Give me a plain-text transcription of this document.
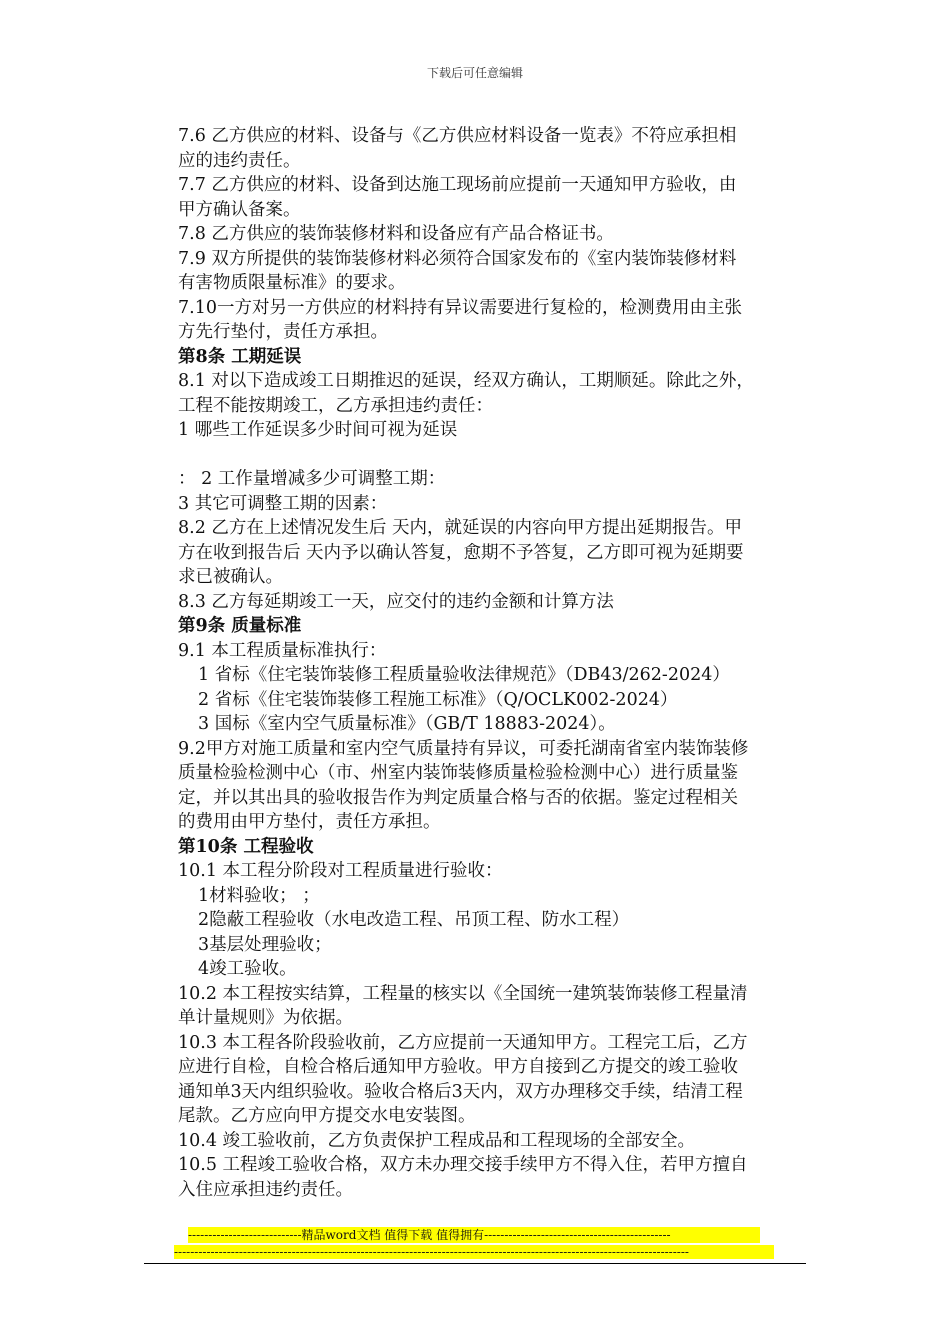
下载后可任意编辑
7.6 乙方供应的材料、设备与《乙方供应材料设备一览表》不符应承担相
应的违约责任。
7.7 乙方供应的材料、设备到达施工现场前应提前一天通知甲方验收，由
甲方确认备案。
7.8 乙方供应的装饰装修材料和设备应有产品合格证书。
7.9 双方所提供的装饰装修材料必须符合国家发布的《室内装饰装修材料
有害物质限量标准》的要求。
7.10一方对另一方供应的材料持有异议需要进行复检的，检测费用由主张
方先行垫付，责任方承担。
第8条 工期延误
8.1 对以下造成竣工日期推迟的延误，经双方确认，工期顺延。除此之外，
工程不能按期竣工，乙方承担违约责任：
1 哪些工作延误多少时间可视为延误
： 2 工作量增减多少可调整工期：
3 其它可调整工期的因素：
8.2 乙方在上述情况发生后 天内，就延误的内容向甲方提出延期报告。甲
方在收到报告后 天内予以确认答复，愈期不予答复，乙方即可视为延期要
求已被确认。
8.3 乙方每延期竣工一天，应交付的违约金额和计算方法
第9条 质量标准
9.1 本工程质量标准执行：
1 省标《住宅装饰装修工程质量验收法律规范》（DB43/262-2024）
2 省标《住宅装饰装修工程施工标准》（Q/OCLK002-2024）
3 国标《室内空气质量标准》（GB/T 18883-2024）。
9.2甲方对施工质量和室内空气质量持有异议，可委托湖南省室内装饰装修
质量检验检测中心（市、州室内装饰装修质量检验检测中心）进行质量鉴
定，并以其出具的验收报告作为判定质量合格与否的依据。鉴定过程相关
的费用由甲方垫付，责任方承担。
第10条 工程验收
10.1 本工程分阶段对工程质量进行验收：
1材料验收； ；
2隐蔽工程验收（水电改造工程、吊顶工程、防水工程）
3基层处理验收；
4竣工验收。
10.2 本工程按实结算，工程量的核实以《全国统一建筑装饰装修工程量清
单计量规则》为依据。
10.3 本工程各阶段验收前，乙方应提前一天通知甲方。工程完工后，乙方
应进行自检，自检合格后通知甲方验收。甲方自接到乙方提交的竣工验收
通知单3天内组织验收。验收合格后3天内，双方办理移交手续，结清工程
尾款。乙方应向甲方提交水电安装图。
10.4 竣工验收前，乙方负责保护工程成品和工程现场的全部安全。
10.5 工程竣工验收合格，双方未办理交接手续甲方不得入住，若甲方擅自
入住应承担违约责任。
----------------------------精品word文档 值得下载 值得拥有----------------------------------------------
-------------------------------------------------------------------------------------------------------------------------------
